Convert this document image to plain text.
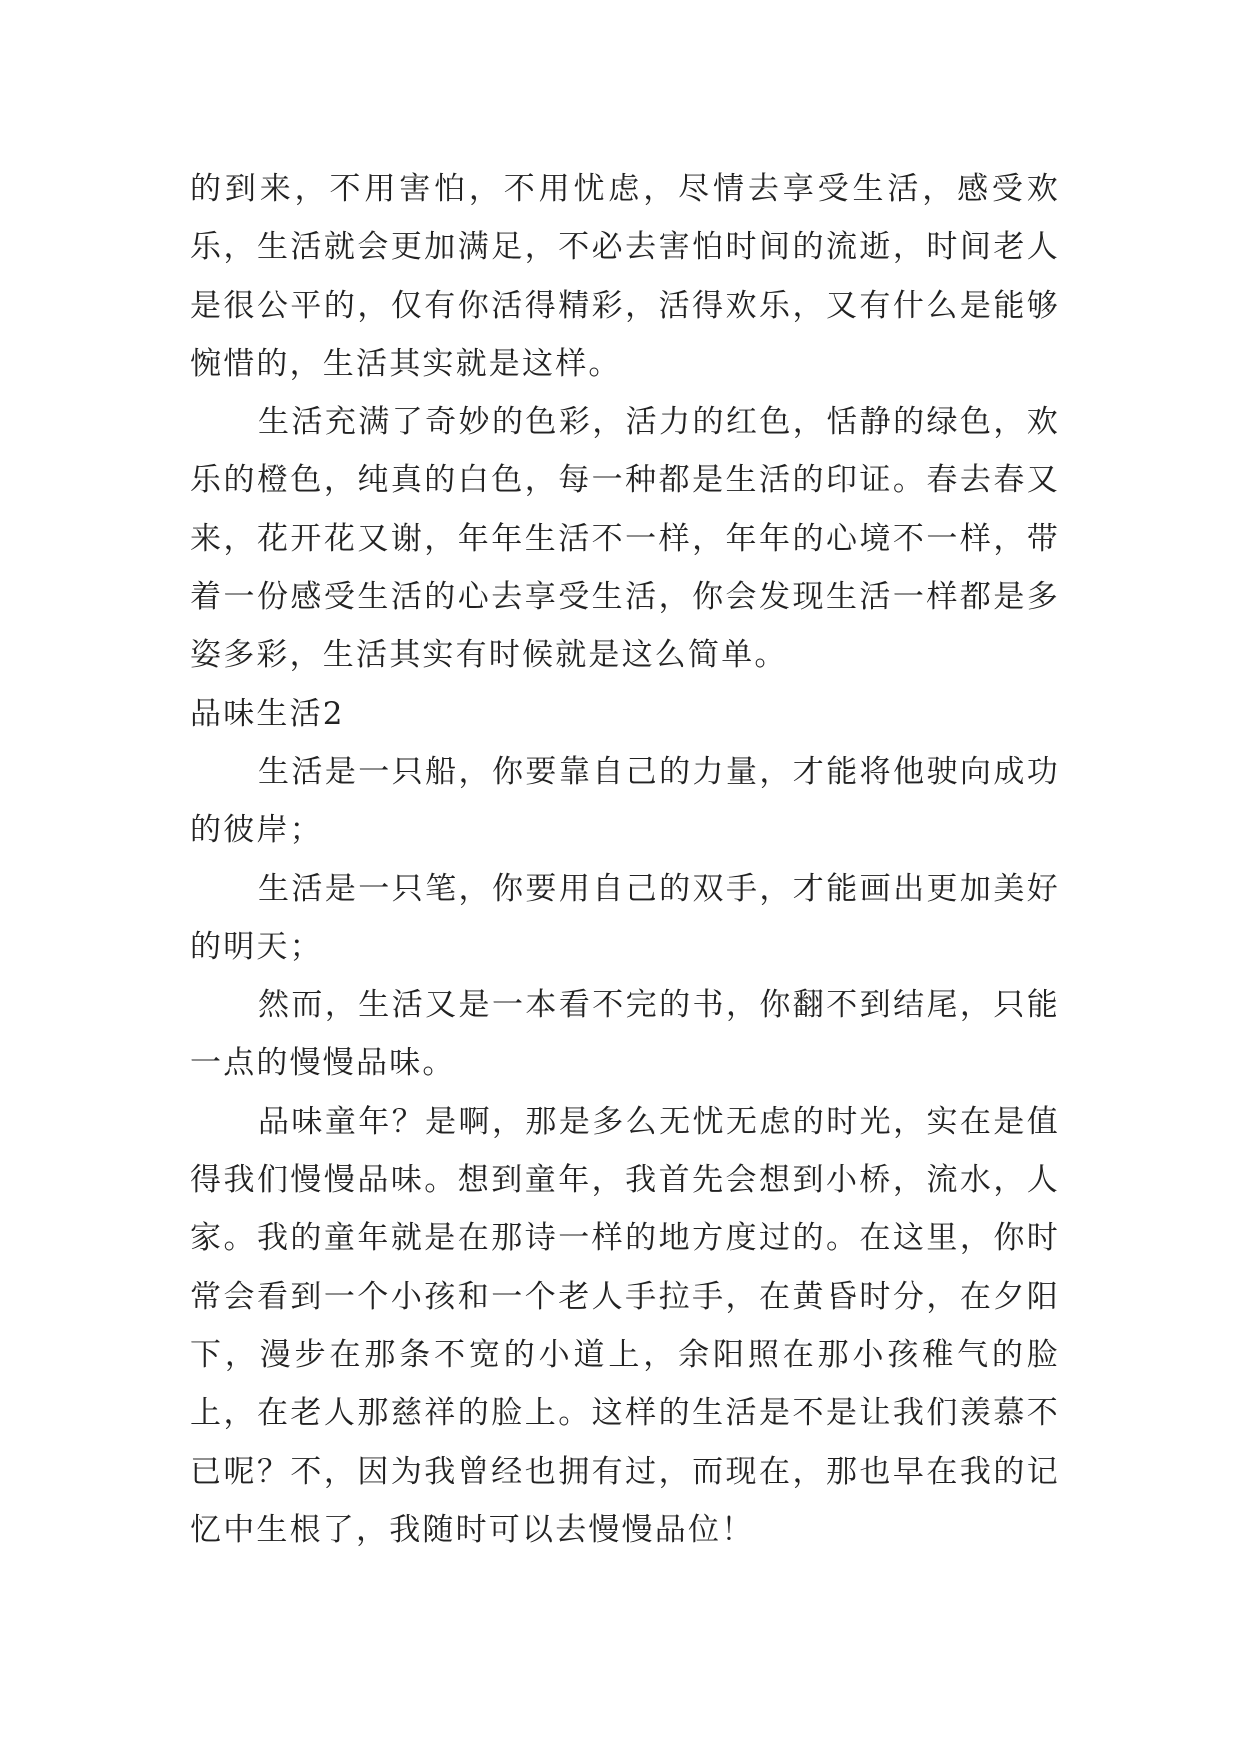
的到来，不用害怕，不用忧虑，尽情去享受生活，感受欢乐，生活就会更加满足，不必去害怕时间的流逝，时间老人是很公平的，仅有你活得精彩，活得欢乐，又有什么是能够惋惜的，生活其实就是这样。

生活充满了奇妙的色彩，活力的红色，恬静的绿色，欢乐的橙色，纯真的白色，每一种都是生活的印证。春去春又来，花开花又谢，年年生活不一样，年年的心境不一样，带着一份感受生活的心去享受生活，你会发现生活一样都是多姿多彩，生活其实有时候就是这么简单。

品味生活2

生活是一只船，你要靠自己的力量，才能将他驶向成功的彼岸；

生活是一只笔，你要用自己的双手，才能画出更加美好的明天；

然而，生活又是一本看不完的书，你翻不到结尾，只能一点的慢慢品味。

品味童年？是啊，那是多么无忧无虑的时光，实在是值得我们慢慢品味。想到童年，我首先会想到小桥，流水，人家。我的童年就是在那诗一样的地方度过的。在这里，你时常会看到一个小孩和一个老人手拉手，在黄昏时分，在夕阳下，漫步在那条不宽的小道上，余阳照在那小孩稚气的脸上，在老人那慈祥的脸上。这样的生活是不是让我们羡慕不已呢？不，因为我曾经也拥有过，而现在，那也早在我的记忆中生根了，我随时可以去慢慢品位！
